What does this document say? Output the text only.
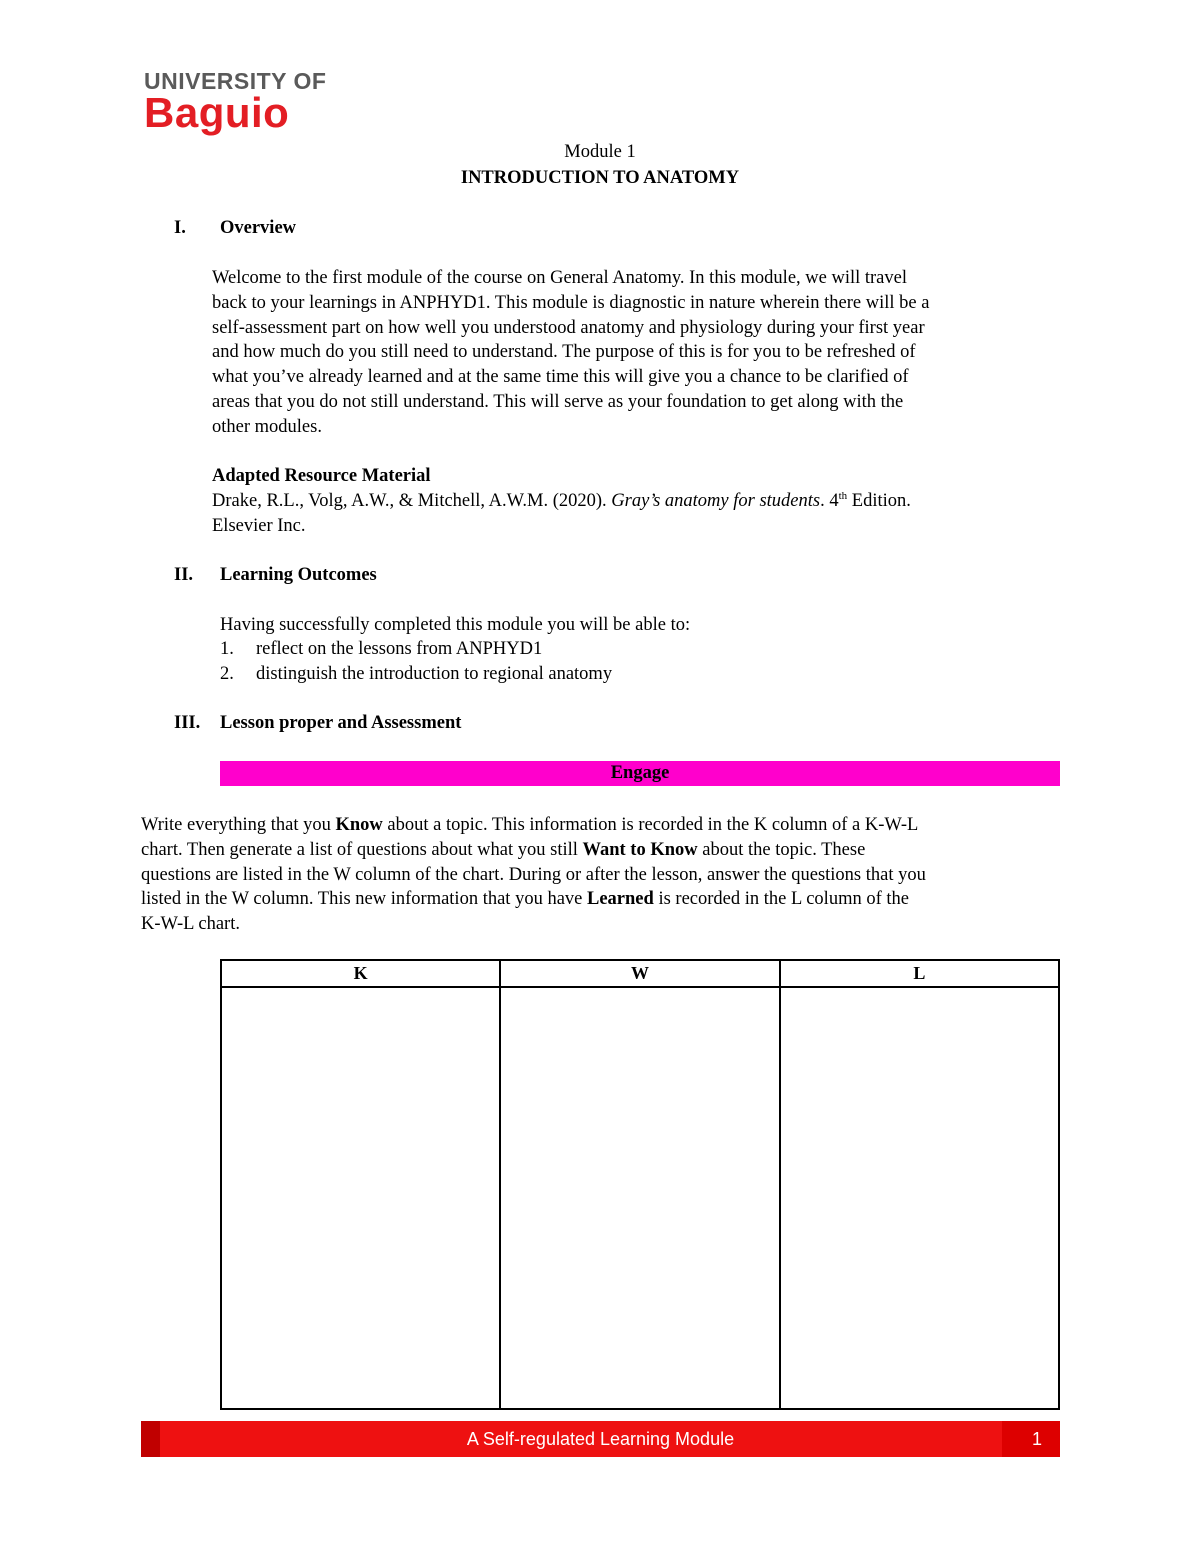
UNIVERSITY OF
Baguio
Module 1
INTRODUCTION TO ANATOMY
I. Overview
Welcome to the first module of the course on General Anatomy. In this module, we will travel
back to your learnings in ANPHYD1. This module is diagnostic in nature wherein there will be a
self-assessment part on how well you understood anatomy and physiology during your first year
and how much do you still need to understand. The purpose of this is for you to be refreshed of
what you’ve already learned and at the same time this will give you a chance to be clarified of
areas that you do not still understand. This will serve as your foundation to get along with the
other modules.
Adapted Resource Material
Drake, R.L., Volg, A.W., & Mitchell, A.W.M. (2020). Gray’s anatomy for students. 4th Edition.
Elsevier Inc.
II. Learning Outcomes
Having successfully completed this module you will be able to:
1. reflect on the lessons from ANPHYD1
2. distinguish the introduction to regional anatomy
III. Lesson proper and Assessment
Engage
Write everything that you Know about a topic. This information is recorded in the K column of a K-W-L
chart. Then generate a list of questions about what you still Want to Know about the topic. These
questions are listed in the W column of the chart. During or after the lesson, answer the questions that you
listed in the W column. This new information that you have Learned is recorded in the L column of the
K-W-L chart.
K	W	L

A Self-regulated Learning Module	1
